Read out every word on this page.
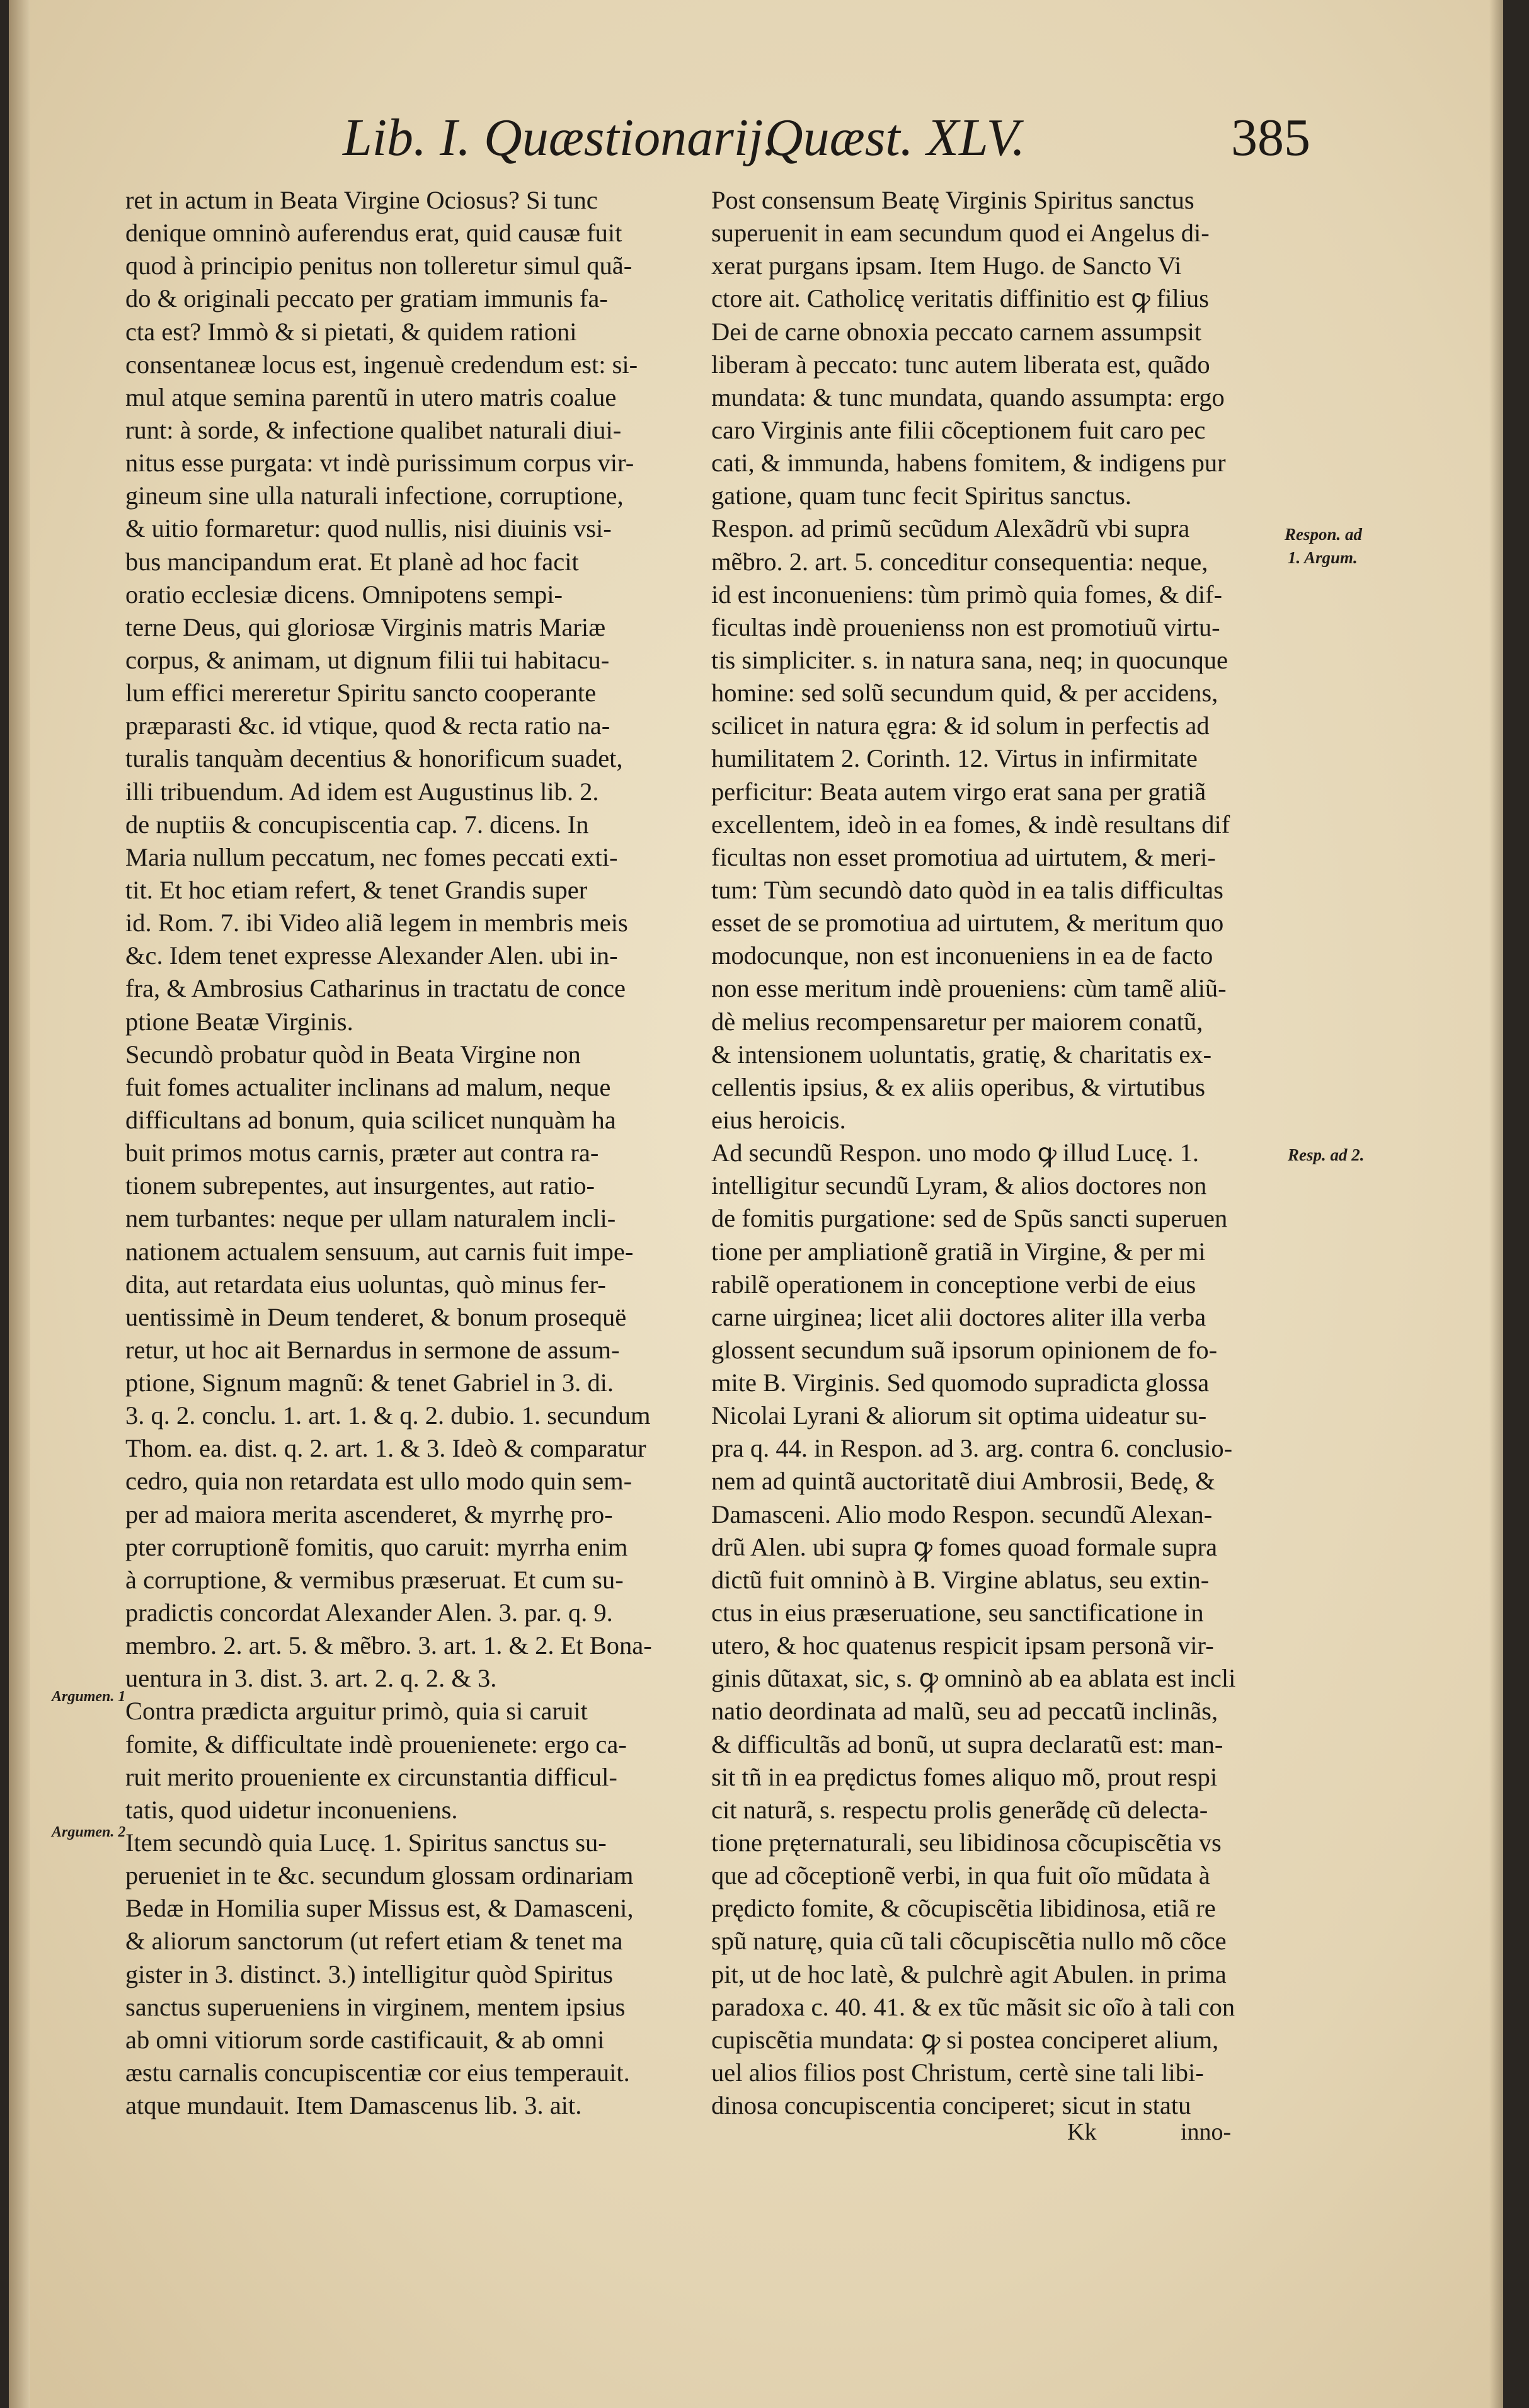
Lib. I. Quæstionarij.
Quæst. XLV.	385
ret in actum in Beata Virgine Ociosus? Si tunc
denique omninò auferendus erat, quid causæ fuit
quod à principio penitus non tolleretur simul quã-
do & originali peccato per gratiam immunis fa-
cta est? Immò & si pietati, & quidem rationi
consentaneæ locus est, ingenuè credendum est: si-
mul atque semina parentũ in utero matris coalue
runt: à sorde, & infectione qualibet naturali diui-
nitus esse purgata: vt indè purissimum corpus vir-
gineum sine ulla naturali infectione, corruptione,
& uitio formaretur: quod nullis, nisi diuinis vsi-
bus mancipandum erat. Et planè ad hoc facit
oratio ecclesiæ dicens. Omnipotens sempi-
terne Deus, qui gloriosæ Virginis matris Mariæ
corpus, & animam, ut dignum filii tui habitacu-
lum effici mereretur Spiritu sancto cooperante
præparasti &c. id vtique, quod & recta ratio na-
turalis tanquàm decentius & honorificum suadet,
illi tribuendum. Ad idem est Augustinus lib. 2.
de nuptiis & concupiscentia cap. 7. dicens. In
Maria nullum peccatum, nec fomes peccati exti-
tit. Et hoc etiam refert, & tenet Grandis super
id. Rom. 7. ibi Video aliã legem in membris meis
&c. Idem tenet expresse Alexander Alen. ubi in-
fra, & Ambrosius Catharinus in tractatu de conce
ptione Beatæ Virginis.
Secundò probatur quòd in Beata Virgine non
fuit fomes actualiter inclinans ad malum, neque
difficultans ad bonum, quia scilicet nunquàm ha
buit primos motus carnis, præter aut contra ra-
tionem subrepentes, aut insurgentes, aut ratio-
nem turbantes: neque per ullam naturalem incli-
nationem actualem sensuum, aut carnis fuit impe-
dita, aut retardata eius uoluntas, quò minus fer-
uentissimè in Deum tenderet, & bonum prosequë
retur, ut hoc ait Bernardus in sermone de assum-
ptione, Signum magnũ: & tenet Gabriel in 3. di.
3. q. 2. conclu. 1. art. 1. & q. 2. dubio. 1. secundum
Thom. ea. dist. q. 2. art. 1. & 3. Ideò & comparatur
cedro, quia non retardata est ullo modo quin sem-
per ad maiora merita ascenderet, & myrrhę pro-
pter corruptionẽ fomitis, quo caruit: myrrha enim
à corruptione, & vermibus præseruat. Et cum su-
pradictis concordat Alexander Alen. 3. par. q. 9.
membro. 2. art. 5. & mẽbro. 3. art. 1. & 2. Et Bona-
uentura in 3. dist. 3. art. 2. q. 2. & 3.
Contra prædicta arguitur primò, quia si caruit
fomite, & difficultate indè prouenienete: ergo ca-
ruit merito proueniente ex circunstantia difficul-
tatis, quod uidetur inconueniens.
Item secundò quia Lucę. 1. Spiritus sanctus su-
perueniet in te &c. secundum glossam ordinariam
Bedæ in Homilia super Missus est, & Damasceni,
& aliorum sanctorum (ut refert etiam & tenet ma
gister in 3. distinct. 3.) intelligitur quòd Spiritus
sanctus superueniens in virginem, mentem ipsius
ab omni vitiorum sorde castificauit, & ab omni
æstu carnalis concupiscentiæ cor eius temperauit.
atque mundauit. Item Damascenus lib. 3. ait.
Post consensum Beatę Virginis Spiritus sanctus
superuenit in eam secundum quod ei Angelus di-
xerat purgans ipsam. Item Hugo. de Sancto Vi
ctore ait. Catholicę veritatis diffinitio est ꝙ filius
Dei de carne obnoxia peccato carnem assumpsit
liberam à peccato: tunc autem liberata est, quãdo
mundata: & tunc mundata, quando assumpta: ergo
caro Virginis ante filii cõceptionem fuit caro pec
cati, & immunda, habens fomitem, & indigens pur
gatione, quam tunc fecit Spiritus sanctus.
Respon. ad primũ secũdum Alexãdrũ vbi supra
mẽbro. 2. art. 5. conceditur consequentia: neque,
id est inconueniens: tùm primò quia fomes, & dif-
ficultas indè prouenienss non est promotiuũ virtu-
tis simpliciter. s. in natura sana, neq; in quocunque
homine: sed solũ secundum quid, & per accidens,
scilicet in natura ęgra: & id solum in perfectis ad
humilitatem 2. Corinth. 12. Virtus in infirmitate
perficitur: Beata autem virgo erat sana per gratiã
excellentem, ideò in ea fomes, & indè resultans dif
ficultas non esset promotiua ad uirtutem, & meri-
tum: Tùm secundò dato quòd in ea talis difficultas
esset de se promotiua ad uirtutem, & meritum quo
modocunque, non est inconueniens in ea de facto
non esse meritum indè proueniens: cùm tamẽ aliũ-
dè melius recompensaretur per maiorem conatũ,
& intensionem uoluntatis, gratię, & charitatis ex-
cellentis ipsius, & ex aliis operibus, & virtutibus
eius heroicis.
Ad secundũ Respon. uno modo ꝙ illud Lucę. 1.
intelligitur secundũ Lyram, & alios doctores non
de fomitis purgatione: sed de Spũs sancti superuen
tione per ampliationẽ gratiã in Virgine, & per mi
rabilẽ operationem in conceptione verbi de eius
carne uirginea; licet alii doctores aliter illa verba
glossent secundum suã ipsorum opinionem de fo-
mite B. Virginis. Sed quomodo supradicta glossa
Nicolai Lyrani & aliorum sit optima uideatur su-
pra q. 44. in Respon. ad 3. arg. contra 6. conclusio-
nem ad quintã auctoritatẽ diui Ambrosii, Bedę, &
Damasceni. Alio modo Respon. secundũ Alexan-
drũ Alen. ubi supra ꝙ fomes quoad formale supra
dictũ fuit omninò à B. Virgine ablatus, seu extin-
ctus in eius præseruatione, seu sanctificatione in
utero, & hoc quatenus respicit ipsam personã vir-
ginis dũtaxat, sic, s. ꝙ omninò ab ea ablata est incli
natio deordinata ad malũ, seu ad peccatũ inclinãs,
& difficultãs ad bonũ, ut supra declaratũ est: man-
sit tñ in ea prędictus fomes aliquo mõ, prout respi
cit naturã, s. respectu prolis generãdę cũ delecta-
tione pręternaturali, seu libidinosa cõcupiscẽtia vs
que ad cõceptionẽ verbi, in qua fuit oĩo mũdata à
prędicto fomite, & cõcupiscẽtia libidinosa, etiã re
spũ naturę, quia cũ tali cõcupiscẽtia nullo mõ cõce
pit, ut de hoc latè, & pulchrè agit Abulen. in prima
paradoxa c. 40. 41. & ex tũc mãsit sic oĩo à tali con
cupiscẽtia mundata: ꝙ si postea conciperet alium,
uel alios filios post Christum, certè sine tali libi-
dinosa concupiscentia conciperet; sicut in statu
Respon. ad
1. Argum.
Resp. ad 2.
Argumen. 1
Argumen. 2
Kk	inno-
